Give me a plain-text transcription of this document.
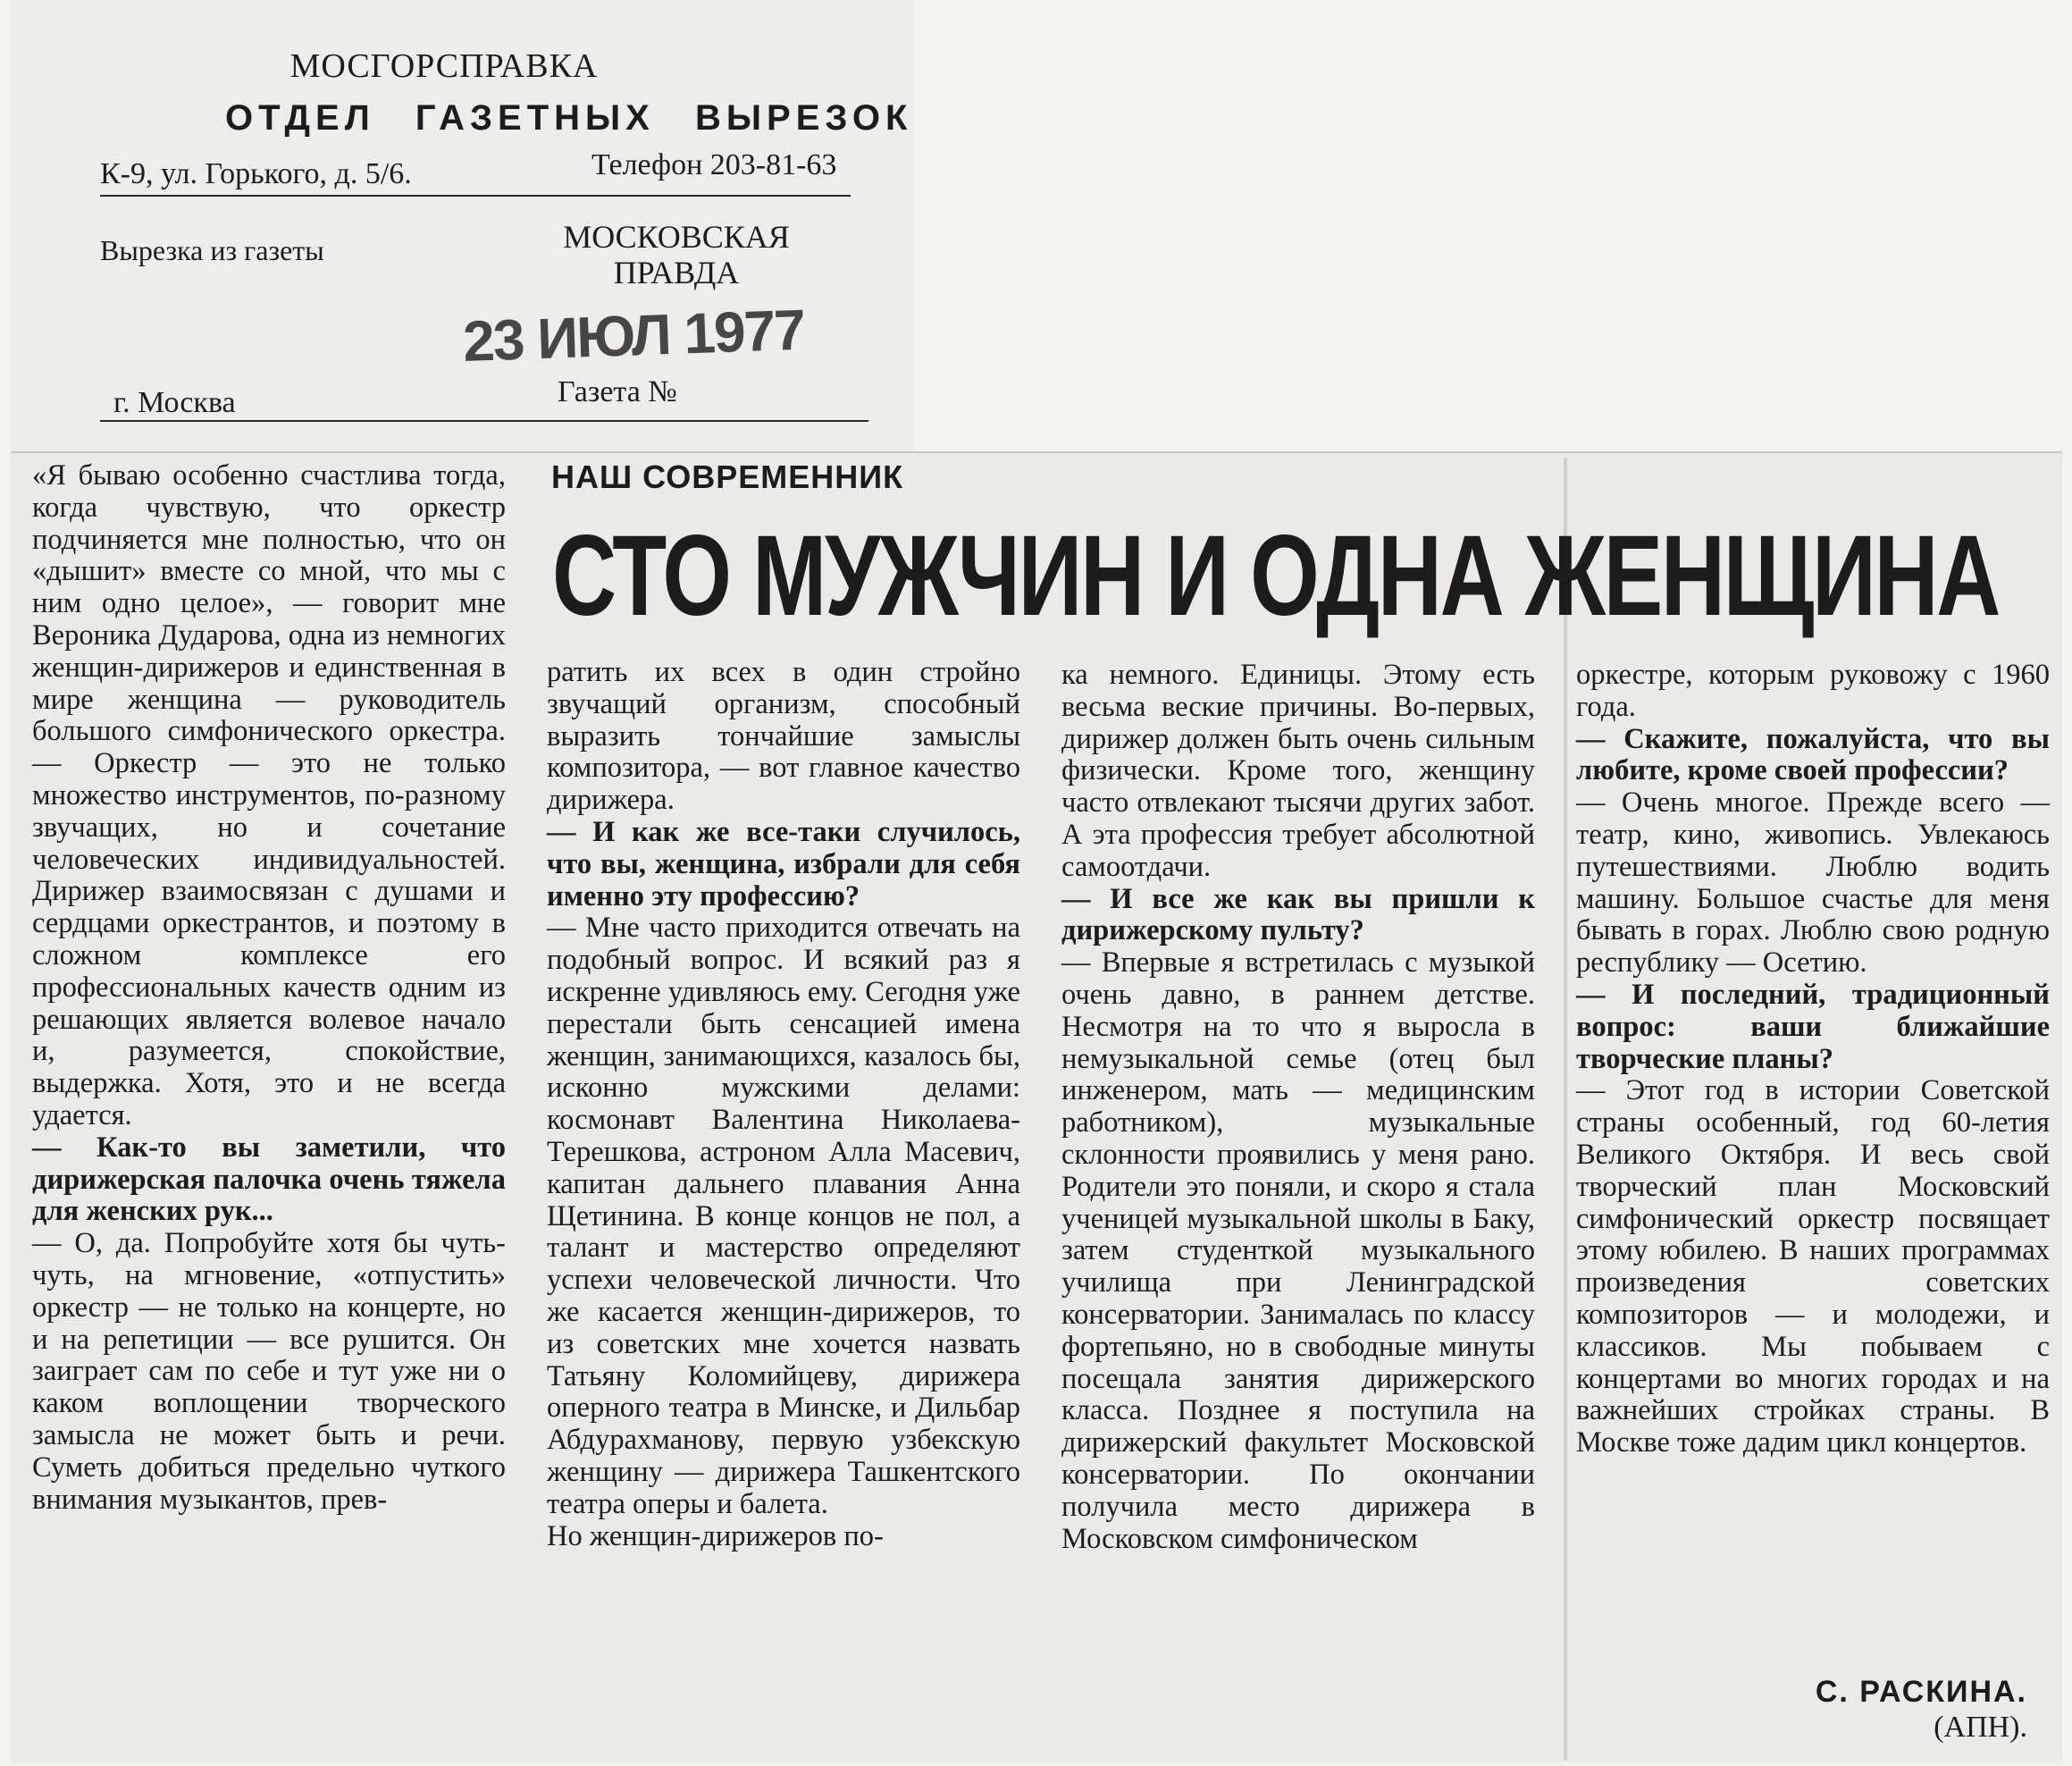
МОСГОРСПРАВКА
ОТДЕЛ ГАЗЕТНЫХ ВЫРЕЗОК
К-9, ул. Горького, д. 5/6.	Телефон 203-81-63
Вырезка из газеты	МОСКОВСКАЯ
ПРАВДА
23 ИЮЛ 1977
г. Москва	Газета №
НАШ СОВРЕМЕННИК
СТО МУЖЧИН И ОДНА ЖЕНЩИНА

«Я бываю особенно счастлива тогда, когда чувствую, что оркестр подчиняется мне полностью, что он «дышит» вместе со мной, что мы с ним одно целое», — говорит мне Вероника Дударова, одна из немногих женщин-дирижеров и единственная в мире женщина — руководитель большого симфонического оркестра. — Оркестр — это не только множество инструментов, по-разному звучащих, но и сочетание человеческих индивидуальностей. Дирижер взаимосвязан с душами и сердцами оркестрантов, и поэтому в сложном комплексе его профессиональных качеств одним из решающих является волевое начало и, разумеется, спокойствие, выдержка. Хотя, это и не всегда удается.

— Как-то вы заметили, что дирижерская палочка очень тяжела для женских рук...

— О, да. Попробуйте хотя бы чуть-чуть, на мгновение, «отпустить» оркестр — не только на концерте, но и на репетиции — все рушится. Он заиграет сам по себе и тут уже ни о каком воплощении творческого замысла не может быть и речи. Суметь добиться предельно чуткого внимания музыкантов, прев-

ратить их всех в один стройно звучащий организм, способный выразить тончайшие замыслы композитора, — вот главное качество дирижера.

— И как же все-таки случилось, что вы, женщина, избрали для себя именно эту профессию?

— Мне часто приходится отвечать на подобный вопрос. И всякий раз я искренне удивляюсь ему. Сегодня уже перестали быть сенсацией имена женщин, занимающихся, казалось бы, исконно мужскими делами: космонавт Валентина Николаева-Терешкова, астроном Алла Масевич, капитан дальнего плавания Анна Щетинина. В конце концов не пол, а талант и мастерство определяют успехи человеческой личности. Что же касается женщин-дирижеров, то из советских мне хочется назвать Татьяну Коломийцеву, дирижера оперного театра в Минске, и Дильбар Абдурахманову, первую узбекскую женщину — дирижера Ташкентского театра оперы и балета.

Но женщин-дирижеров по-

ка немного. Единицы. Этому есть весьма веские причины. Во-первых, дирижер должен быть очень сильным физически. Кроме того, женщину часто отвлекают тысячи других забот. А эта профессия требует абсолютной самоотдачи.

— И все же как вы пришли к дирижерскому пульту?

— Впервые я встретилась с музыкой очень давно, в раннем детстве. Несмотря на то что я выросла в немузыкальной семье (отец был инженером, мать — медицинским работником), музыкальные склонности проявились у меня рано. Родители это поняли, и скоро я стала ученицей музыкальной школы в Баку, затем студенткой музыкального училища при Ленинградской консерватории. Занималась по классу фортепьяно, но в свободные минуты посещала занятия дирижерского класса. Позднее я поступила на дирижерский факультет Московской консерватории. По окончании получила место дирижера в Московском симфоническом

оркестре, которым руковожу с 1960 года.

— Скажите, пожалуйста, что вы любите, кроме своей профессии?

— Очень многое. Прежде всего — театр, кино, живопись. Увлекаюсь путешествиями. Люблю водить машину. Большое счастье для меня бывать в горах. Люблю свою родную республику — Осетию.

— И последний, традиционный вопрос: ваши ближайшие творческие планы?

— Этот год в истории Советской страны особенный, год 60-летия Великого Октября. И весь свой творческий план Московский симфонический оркестр посвящает этому юбилею. В наших программах произведения советских композиторов — и молодежи, и классиков. Мы побываем с концертами во многих городах и на важнейших стройках страны. В Москве тоже дадим цикл концертов.

С. РАСКИНА.
(АПН).
